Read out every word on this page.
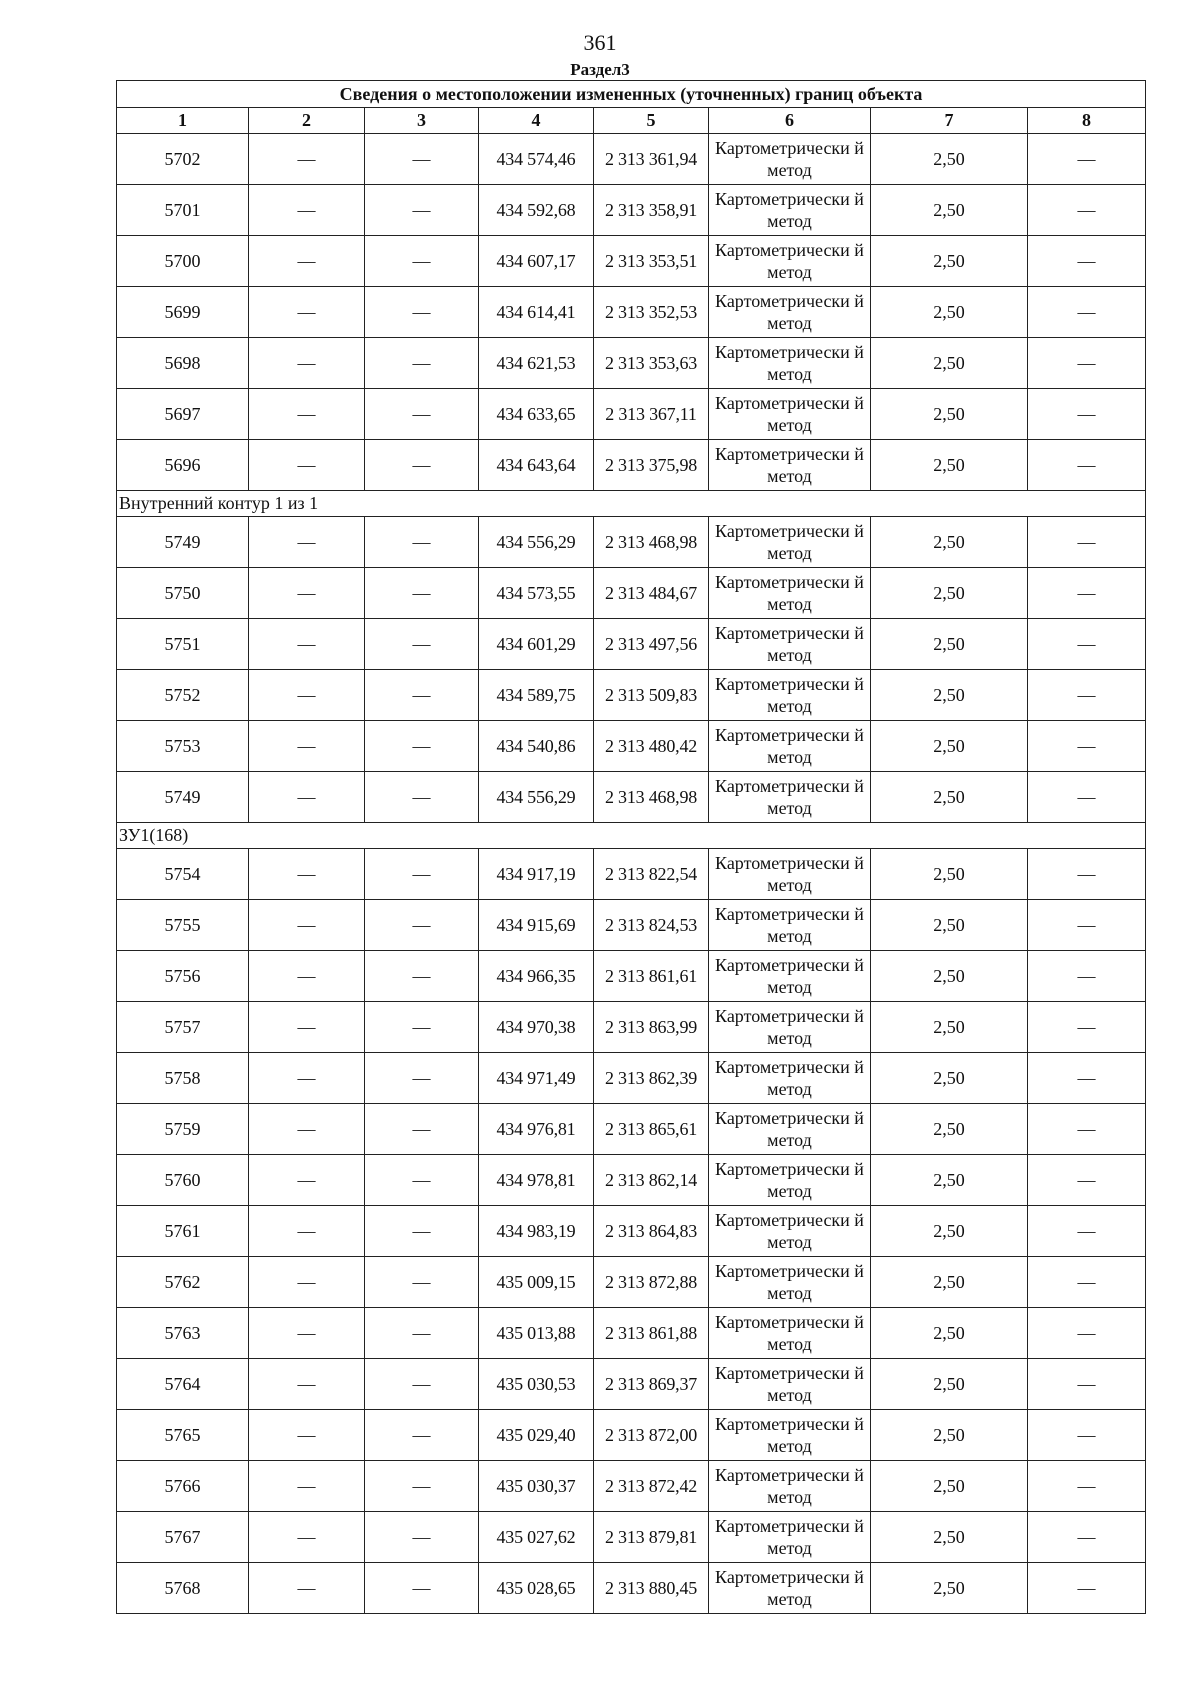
361
Раздел3
Сведения о местоположении измененных (уточненных) границ объекта							
1	2	3	4	5	6	7	8
5702	—	—	434 574,46	2 313 361,94	Картометрически й метод	2,50	—
5701	—	—	434 592,68	2 313 358,91	Картометрически й метод	2,50	—
5700	—	—	434 607,17	2 313 353,51	Картометрически й метод	2,50	—
5699	—	—	434 614,41	2 313 352,53	Картометрически й метод	2,50	—
5698	—	—	434 621,53	2 313 353,63	Картометрически й метод	2,50	—
5697	—	—	434 633,65	2 313 367,11	Картометрически й метод	2,50	—
5696	—	—	434 643,64	2 313 375,98	Картометрически й метод	2,50	—
Внутренний контур 1 из 1							
5749	—	—	434 556,29	2 313 468,98	Картометрически й метод	2,50	—
5750	—	—	434 573,55	2 313 484,67	Картометрически й метод	2,50	—
5751	—	—	434 601,29	2 313 497,56	Картометрически й метод	2,50	—
5752	—	—	434 589,75	2 313 509,83	Картометрически й метод	2,50	—
5753	—	—	434 540,86	2 313 480,42	Картометрически й метод	2,50	—
5749	—	—	434 556,29	2 313 468,98	Картометрически й метод	2,50	—
ЗУ1(168)							
5754	—	—	434 917,19	2 313 822,54	Картометрически й метод	2,50	—
5755	—	—	434 915,69	2 313 824,53	Картометрически й метод	2,50	—
5756	—	—	434 966,35	2 313 861,61	Картометрически й метод	2,50	—
5757	—	—	434 970,38	2 313 863,99	Картометрически й метод	2,50	—
5758	—	—	434 971,49	2 313 862,39	Картометрически й метод	2,50	—
5759	—	—	434 976,81	2 313 865,61	Картометрически й метод	2,50	—
5760	—	—	434 978,81	2 313 862,14	Картометрически й метод	2,50	—
5761	—	—	434 983,19	2 313 864,83	Картометрически й метод	2,50	—
5762	—	—	435 009,15	2 313 872,88	Картометрически й метод	2,50	—
5763	—	—	435 013,88	2 313 861,88	Картометрически й метод	2,50	—
5764	—	—	435 030,53	2 313 869,37	Картометрически й метод	2,50	—
5765	—	—	435 029,40	2 313 872,00	Картометрически й метод	2,50	—
5766	—	—	435 030,37	2 313 872,42	Картометрически й метод	2,50	—
5767	—	—	435 027,62	2 313 879,81	Картометрически й метод	2,50	—
5768	—	—	435 028,65	2 313 880,45	Картометрически й метод	2,50	—
